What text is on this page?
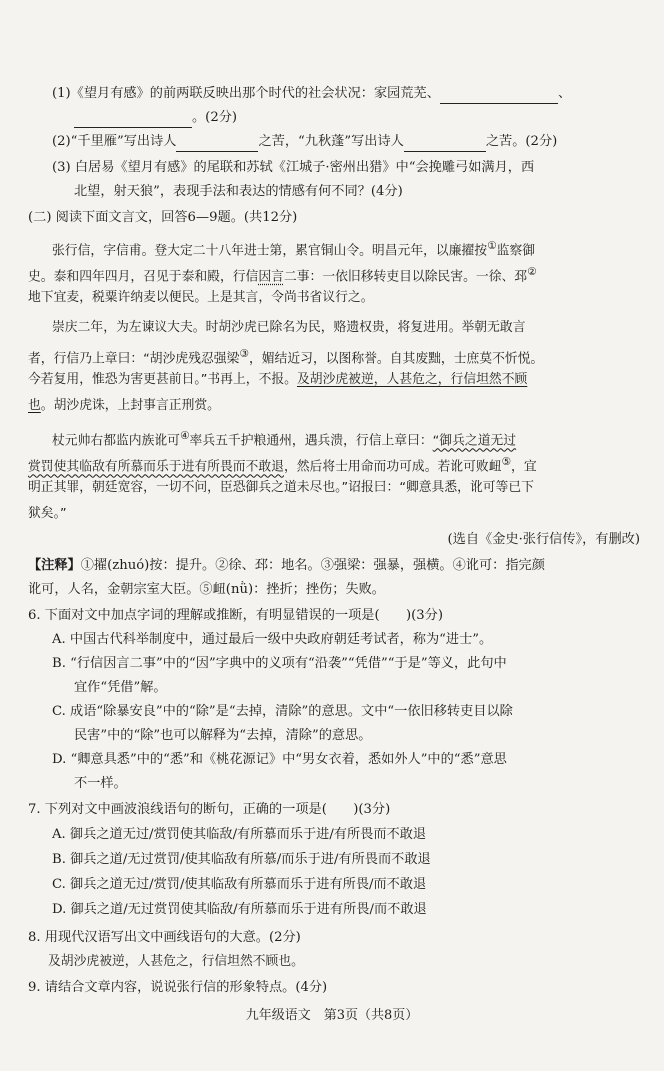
(1)《望月有感》的前两联反映出那个时代的社会状况：家园荒芜、	、
。(2分)
(2)“千里雁”写出诗人	之苦，“九秋蓬”写出诗人	之苦。(2分)
(3) 白居易《望月有感》的尾联和苏轼《江城子·密州出猎》中“会挽雕弓如满月，西
北望，射天狼”，表现手法和表达的情感有何不同？(4分)
(二) 阅读下面文言文，回答6—9题。(共12分)
张行信，字信甫。登大定二十八年进士第，累官铜山令。明昌元年，以廉擢按①监察御
史。泰和四年四月，召见于泰和殿，行信因言二事：一依旧移转吏目以除民害。一徐、邳②
地下宜麦，税粟许纳麦以便民。上是其言，令尚书省议行之。
崇庆二年，为左谏议大夫。时胡沙虎已除名为民，赂遗权贵，将复进用。举朝无敢言
者，行信乃上章曰：“胡沙虎残忍强梁③，媚结近习，以图称誉。自其废黜，士庶莫不忻悦。
今若复用，惟恐为害更甚前日。”书再上，不报。及胡沙虎被逆，人甚危之，行信坦然不顾
也。胡沙虎诛，上封事言正刑赏。
杖元帅右都监内族讹可④率兵五千护粮通州，遇兵溃，行信上章曰：“御兵之道无过
赏罚使其临敌有所慕而乐于进有所畏而不敢退，然后将士用命而功可成。若讹可败衄⑤，宜
明正其罪，朝廷宽容，一切不问，臣恐御兵之道未尽也。”诏报曰：“卿意具悉，讹可等已下
狱矣。”
(选自《金史·张行信传》，有删改)
【注释】①擢(zhuó)按：提升。②徐、邳：地名。③强梁：强暴，强横。④讹可：指完颜
讹可，人名，金朝宗室大臣。⑤衄(nǜ)：挫折；挫伤；失败。
6. 下面对文中加点字词的理解或推断，有明显错误的一项是(　　)(3分)
A. 中国古代科举制度中，通过最后一级中央政府朝廷考试者，称为“进士”。
B. “行信因言二事”中的“因”字典中的义项有“沿袭”“凭借”“于是”等义，此句中
宜作“凭借”解。
C. 成语“除暴安良”中的“除”是“去掉，清除”的意思。文中“一依旧移转吏目以除
民害”中的“除”也可以解释为“去掉，清除”的意思。
D. “卿意具悉”中的“悉”和《桃花源记》中“男女衣着，悉如外人”中的“悉”意思
不一样。
7. 下列对文中画波浪线语句的断句，正确的一项是(　　)(3分)
A. 御兵之道无过/赏罚使其临敌/有所慕而乐于进/有所畏而不敢退
B. 御兵之道/无过赏罚/使其临敌有所慕/而乐于进/有所畏而不敢退
C. 御兵之道无过/赏罚/使其临敌有所慕而乐于进有所畏/而不敢退
D. 御兵之道/无过赏罚使其临敌/有所慕而乐于进有所畏/而不敢退
8. 用现代汉语写出文中画线语句的大意。(2分)
及胡沙虎被逆，人甚危之，行信坦然不顾也。
9. 请结合文章内容，说说张行信的形象特点。(4分)
九年级语文　第3页（共8页）
